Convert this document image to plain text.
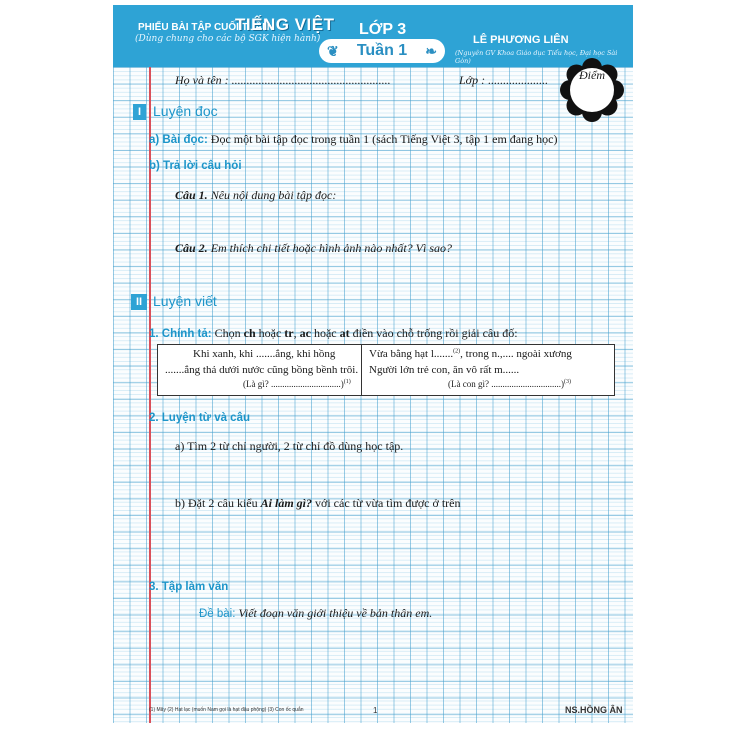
PHIẾU BÀI TẬP CUỐI TUẦN
TIẾNG VIỆT
(Dùng chung cho các bộ SGK hiện hành)
LỚP 3
❦ Tuần 1 ❧
LÊ PHƯƠNG LIÊN
(Nguyên GV Khoa Giáo dục Tiểu học, Đại học Sài Gòn)
Điểm
Họ và tên : .....................................................	Lớp : ....................
I Luyện đọc
a) Bài đọc: Đọc một bài tập đọc trong tuần 1 (sách Tiếng Việt 3, tập 1 em đang học)
b) Trả lời câu hỏi
Câu 1. Nêu nội dung bài tập đọc:
Câu 2. Em thích chi tiết hoặc hình ảnh nào nhất? Vì sao?
II Luyện viết
1. Chính tả: Chọn ch hoặc tr, ac hoặc at điền vào chỗ trống rồi giải câu đố:
Khi xanh, khi .......ắng, khi hồng
.......ắng thả dưới nước cũng bồng bềnh trôi.
(Là gì? ...............................)$^{(1)}$
Vừa bằng hạt l.......$^{(2)}$, trong n.,.... ngoài xương
Người lớn trẻ con, ăn vô rất m......
(Là con gì? ...............................)$^{(3)}$
2. Luyện từ và câu
a) Tìm 2 từ chỉ người, 2 từ chỉ đồ dùng học tập.
b) Đặt 2 câu kiểu Ai làm gì? với các từ vừa tìm được ở trên
3. Tập làm văn
Đề bài: Viết đoạn văn giới thiệu về bản thân em.
(1) Mây (2) Hạt lạc (muốn Nam gọi là hạt đậu phộng) (3) Con ốc quắn	1	NS.HỒNG ÂN
